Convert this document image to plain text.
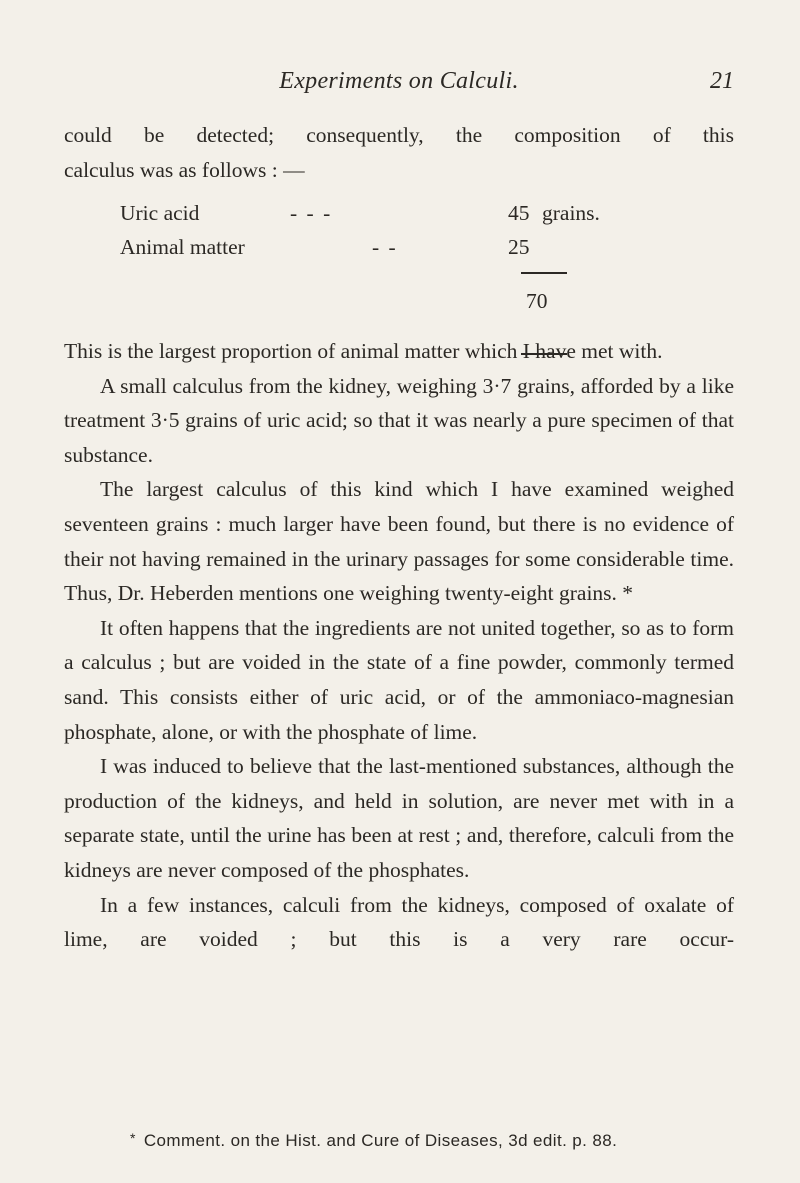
Experiments on Calculi.	21

could be detected; consequently, the composition of this

calculus was as follows : —

Uric acid	- - -	45 grains.
Animal matter	- -	25
70

This is the largest proportion of animal matter which I have met with.

A small calculus from the kidney, weighing 3·7 grains, afforded by a like treatment 3·5 grains of uric acid; so that it was nearly a pure specimen of that substance.

The largest calculus of this kind which I have examined weighed seventeen grains : much larger have been found, but there is no evidence of their not having remained in the urinary passages for some considerable time. Thus, Dr. Heberden mentions one weighing twenty-eight grains. *

It often happens that the ingredients are not united together, so as to form a calculus ; but are voided in the state of a fine powder, commonly termed sand. This consists either of uric acid, or of the ammoniaco-magnesian phosphate, alone, or with the phosphate of lime.

I was induced to believe that the last-mentioned substances, although the production of the kidneys, and held in solution, are never met with in a separate state, until the urine has been at rest ; and, therefore, calculi from the kidneys are never composed of the phosphates.

In a few instances, calculi from the kidneys, composed of oxalate of lime, are voided ; but this is a very rare occur-

* Comment. on the Hist. and Cure of Diseases, 3d edit. p. 88.
